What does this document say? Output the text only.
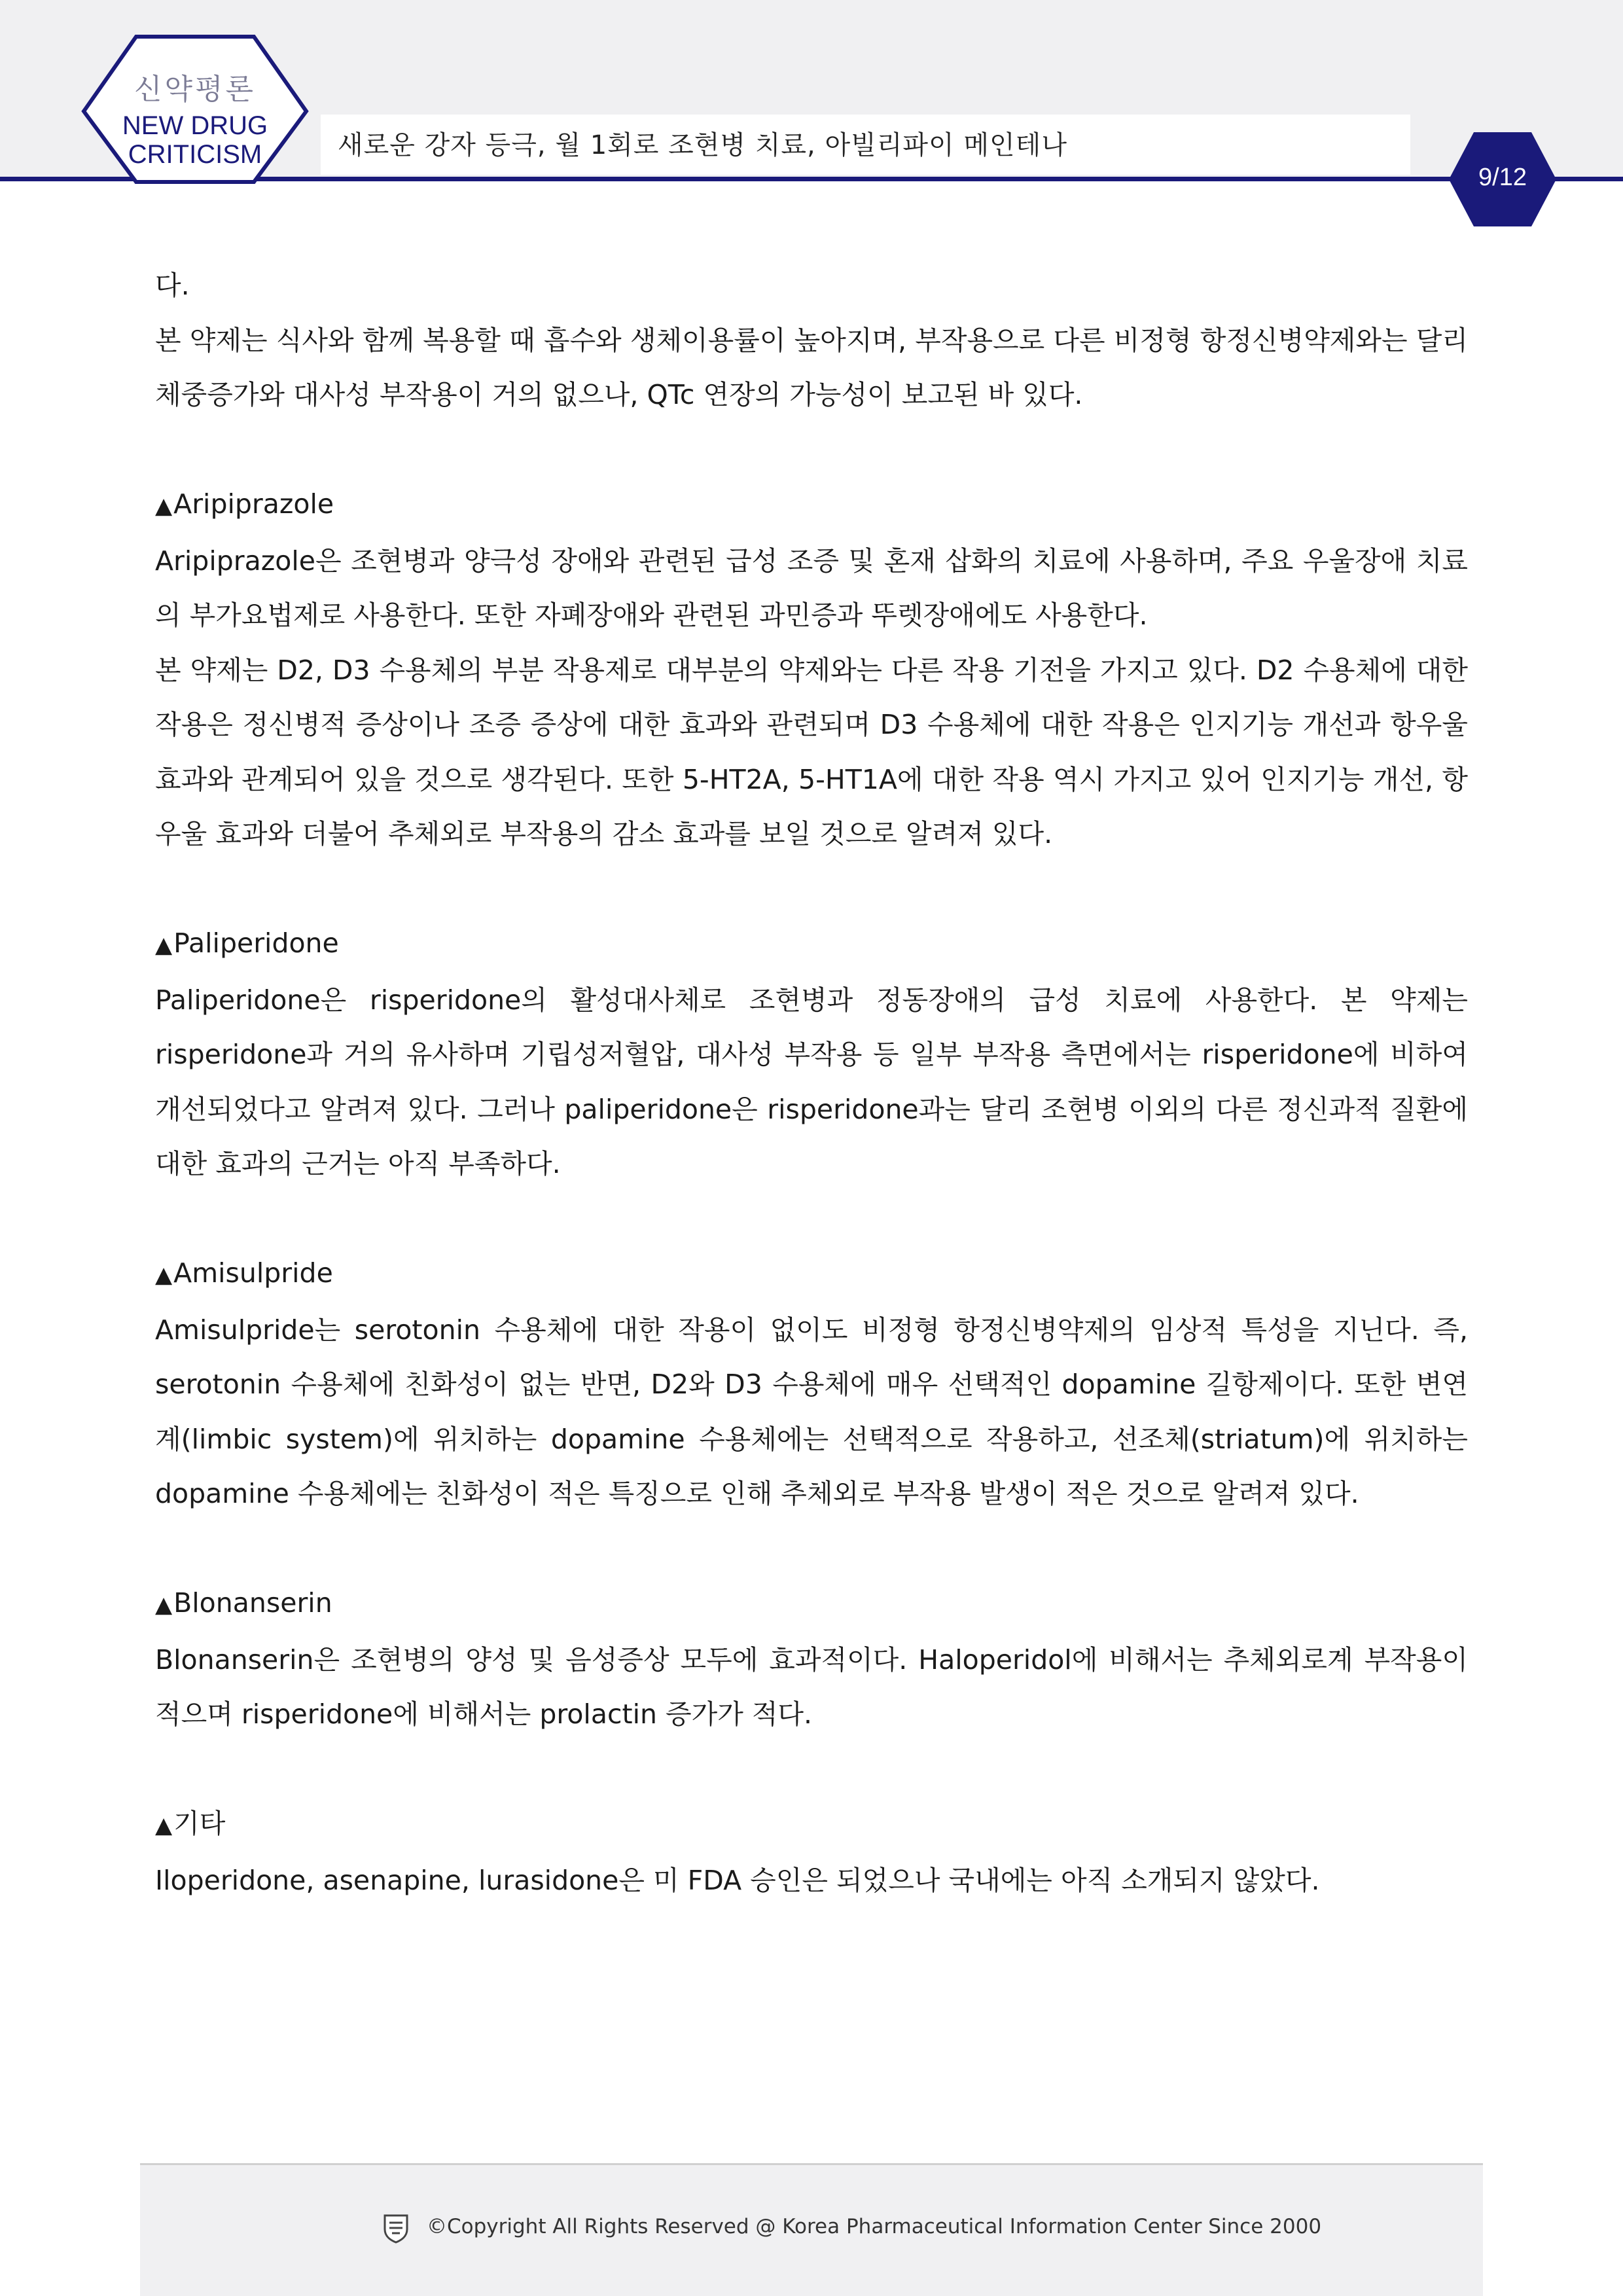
신약평론
NEW DRUG
CRITICISM	새로운 강자 등극, 월 1회로 조현병 치료, 아빌리파이 메인테나
9/12

다.

본 약제는 식사와 함께 복용할 때 흡수와 생체이용률이 높아지며, 부작용으로 다른 비정형 항정신병약제와는 달리 체중증가와 대사성 부작용이 거의 없으나, QTc 연장의 가능성이 보고된 바 있다.

▲Aripiprazole

Aripiprazole은 조현병과 양극성 장애와 관련된 급성 조증 및 혼재 삽화의 치료에 사용하며, 주요 우울장애 치료의 부가요법제로 사용한다. 또한 자폐장애와 관련된 과민증과 뚜렛장애에도 사용한다.

본 약제는 D2, D3 수용체의 부분 작용제로 대부분의 약제와는 다른 작용 기전을 가지고 있다. D2 수용체에 대한 작용은 정신병적 증상이나 조증 증상에 대한 효과와 관련되며 D3 수용체에 대한 작용은 인지기능 개선과 항우울 효과와 관계되어 있을 것으로 생각된다. 또한 5-HT2A, 5-HT1A에 대한 작용 역시 가지고 있어 인지기능 개선, 항우울 효과와 더불어 추체외로 부작용의 감소 효과를 보일 것으로 알려져 있다.

▲Paliperidone

Paliperidone은 risperidone의 활성대사체로 조현병과 정동장애의 급성 치료에 사용한다. 본 약제는 risperidone과 거의 유사하며 기립성저혈압, 대사성 부작용 등 일부 부작용 측면에서는 risperidone에 비하여 개선되었다고 알려져 있다. 그러나 paliperidone은 risperidone과는 달리 조현병 이외의 다른 정신과적 질환에 대한 효과의 근거는 아직 부족하다.

▲Amisulpride

Amisulpride는 serotonin 수용체에 대한 작용이 없이도 비정형 항정신병약제의 임상적 특성을 지닌다. 즉, serotonin 수용체에 친화성이 없는 반면, D2와 D3 수용체에 매우 선택적인 dopamine 길항제이다. 또한 변연계(limbic system)에 위치하는 dopamine 수용체에는 선택적으로 작용하고, 선조체(striatum)에 위치하는 dopamine 수용체에는 친화성이 적은 특징으로 인해 추체외로 부작용 발생이 적은 것으로 알려져 있다.

▲Blonanserin

Blonanserin은 조현병의 양성 및 음성증상 모두에 효과적이다. Haloperidol에 비해서는 추체외로계 부작용이 적으며 risperidone에 비해서는 prolactin 증가가 적다.

▲기타

Iloperidone, asenapine, lurasidone은 미 FDA 승인은 되었으나 국내에는 아직 소개되지 않았다.

©Copyright All Rights Reserved @ Korea Pharmaceutical Information Center Since 2000
